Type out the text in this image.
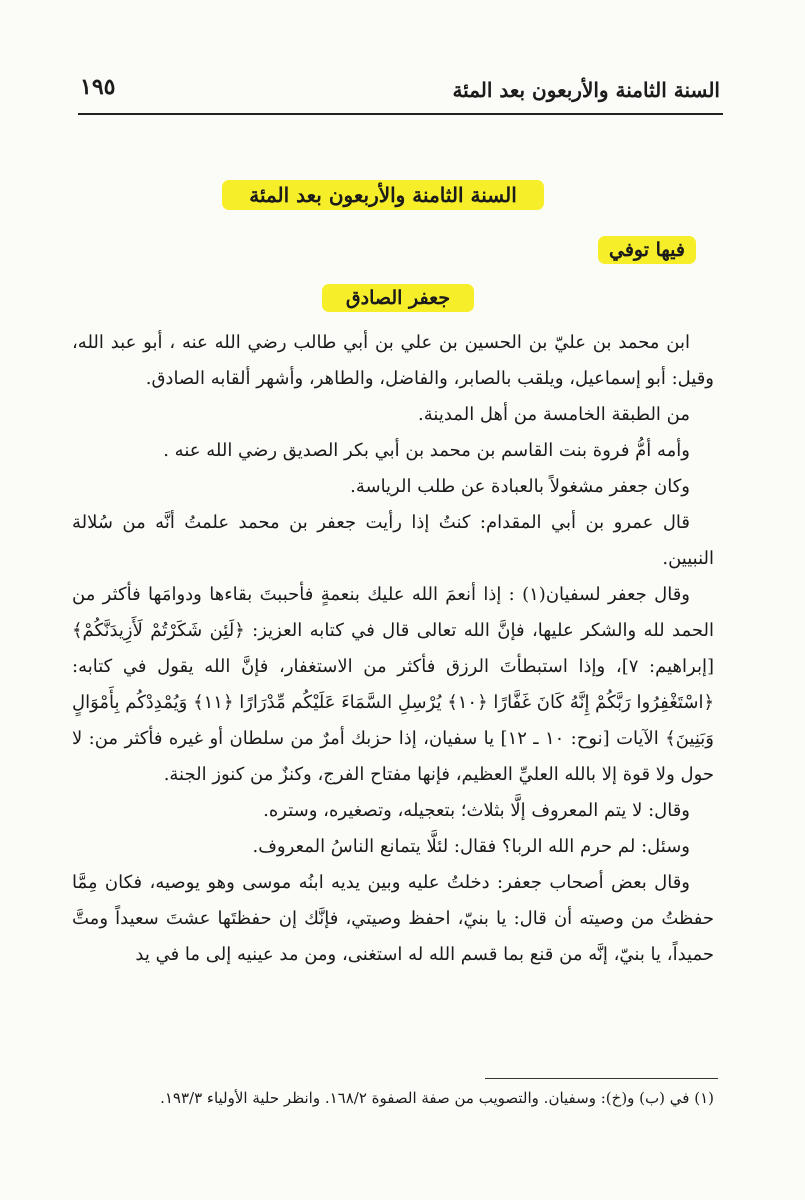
السنة الثامنة والأربعون بعد المئة
١٩٥
السنة الثامنة والأربعون بعد المئة
فيها توفي
جعفر الصادق

ابن محمد بن عليّ بن الحسين بن علي بن أبي طالب رضي الله عنه ، أبو عبد الله، وقيل: أبو إسماعيل، ويلقب بالصابر، والفاضل، والطاهر، وأشهر ألقابه الصادق.

من الطبقة الخامسة من أهل المدينة.

وأمه أمُّ فروة بنت القاسم بن محمد بن أبي بكر الصديق رضي الله عنه .

وكان جعفر مشغولاً بالعبادة عن طلب الرياسة.

قال عمرو بن أبي المقدام: كنتُ إذا رأيت جعفر بن محمد علمتُ أنَّه من سُلالة النبيين.

وقال جعفر لسفيان(١) : إذا أنعمَ الله عليك بنعمةٍ فأحببتَ بقاءها ودوامَها فأكثر من الحمد لله والشكر عليها، فإنَّ الله تعالى قال في كتابه العزيز: ﴿لَئِن شَكَرْتُمْ لَأَزِيدَنَّكُمْ﴾ [إبراهيم: ٧]، وإذا استبطأتَ الرزق فأكثر من الاستغفار، فإنَّ الله يقول في كتابه: ﴿اسْتَغْفِرُوا رَبَّكُمْ إِنَّهُ كَانَ غَفَّارًا ﴿١٠﴾ يُرْسِلِ السَّمَاءَ عَلَيْكُم مِّدْرَارًا ﴿١١﴾ وَيُمْدِدْكُم بِأَمْوَالٍ وَبَنِينَ﴾ الآيات [نوح: ١٠ ـ ١٢] يا سفيان، إذا حزبك أمرٌ من سلطان أو غيره فأكثر من: لا حول ولا قوة إلا بالله العليِّ العظيم، فإنها مفتاح الفرج، وكنزٌ من كنوز الجنة.

وقال: لا يتم المعروف إلَّا بثلاث؛ بتعجيله، وتصغيره، وستره.

وسئل: لم حرم الله الربا؟ فقال: لئلَّا يتمانع الناسُ المعروف.

وقال بعض أصحاب جعفر: دخلتُ عليه وبين يديه ابنُه موسى وهو يوصيه، فكان مِمَّا حفظتُ من وصيته أن قال: يا بنيّ، احفظ وصيتي، فإنَّك إن حفظتَها عشتَ سعيداً ومتَّ حميداً، يا بنيّ، إنَّه من قنع بما قسم الله له استغنى، ومن مد عينيه إلى ما في يد

(١) في (ب) و(خ): وسفيان. والتصويب من صفة الصفوة ١٦٨/٢. وانظر حلية الأولياء ١٩٣/٣.
